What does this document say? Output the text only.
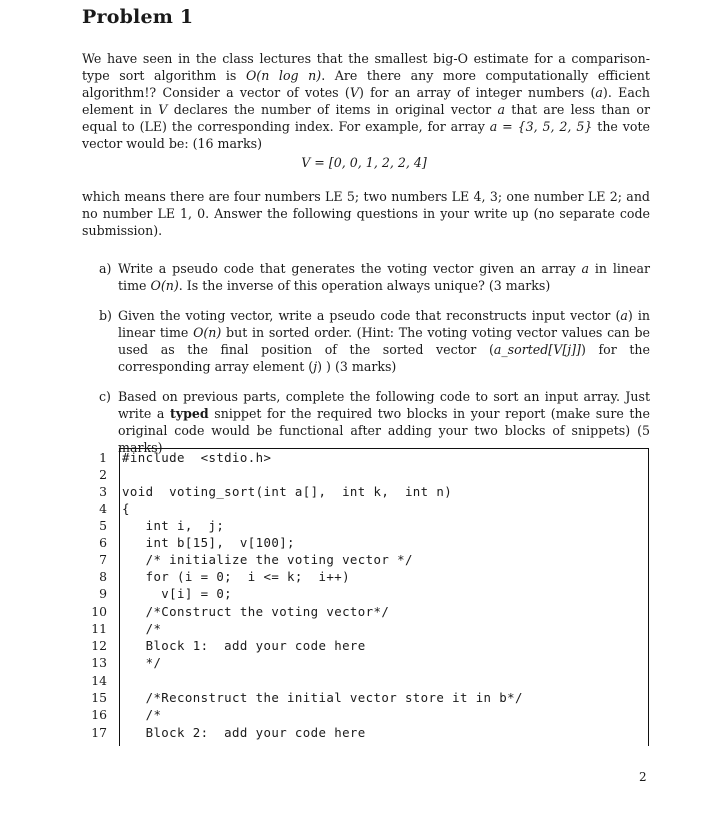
Problem 1

We have seen in the class lectures that the smallest big-O estimate for a comparison-type sort algorithm is O(n log n). Are there any more computationally efficient algorithm!? Consider a vector of votes (V) for an array of integer numbers (a). Each element in V declares the number of items in original vector a that are less than or equal to (LE) the corresponding index. For example, for array a = {3, 5, 2, 5} the vote vector would be: (16 marks)

V = [0, 0, 1, 2, 2, 4]

which means there are four numbers LE 5; two numbers LE 4, 3; one number LE 2; and no number LE 1, 0. Answer the following questions in your write up (no separate code submission).

a) Write a pseudo code that generates the voting vector given an array a in linear time O(n). Is the inverse of this operation always unique? (3 marks)
b) Given the voting vector, write a pseudo code that reconstructs input vector (a) in linear time O(n) but in sorted order. (Hint: The voting voting vector values can be used as the final position of the sorted vector (a_sorted[V[j]]) for the corresponding array element (j) ) (3 marks)
c) Based on previous parts, complete the following code to sort an input array. Just write a typed snippet for the required two blocks in your report (make sure the original code would be functional after adding your two blocks of snippets) (5 marks)
1
2
3
4
5
6
7
8
9
10
11
12
13
14
15
16
17
#include  <stdio.h>
void  voting_sort(int a[],  int k,  int n)
{
int i,  j;
int b[15],  v[100];
/* initialize the voting vector */
for (i = 0;  i <= k;  i++)
v[i] = 0;
/*Construct the voting vector*/
/*
Block 1:  add your code here
*/
/*Reconstruct the initial vector store it in b*/
/*
Block 2:  add your code here
2
